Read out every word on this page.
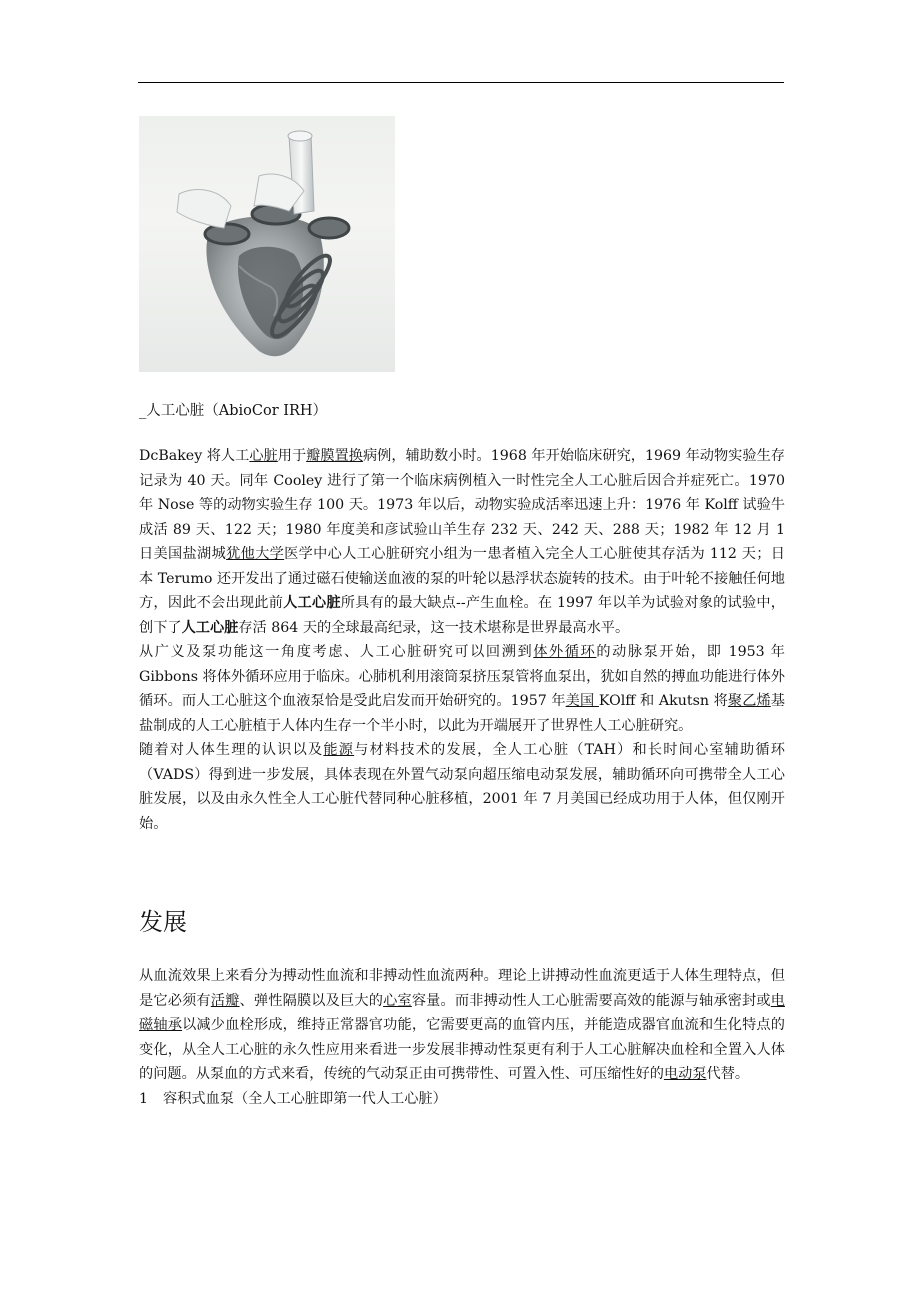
_人工心脏（AbioCor IRH）

DcBakey 将人工心脏用于瓣膜置换病例，辅助数小时。1968 年开始临床研究，1969 年动物实验生存记录为 40 天。同年 Cooley 进行了第一个临床病例植入一时性完全人工心脏后因合并症死亡。1970 年 Nose 等的动物实验生存 100 天。1973 年以后，动物实验成活率迅速上升：1976 年 Kolff 试验牛成活 89 天、122 天；1980 年度美和彦试验山羊生存 232 天、242 天、288 天；1982 年 12 月 1 日美国盐湖城犹他大学医学中心人工心脏研究小组为一患者植入完全人工心脏使其存活为 112 天；日本 Terumo 还开发出了通过磁石使输送血液的泵的叶轮以悬浮状态旋转的技术。由于叶轮不接触任何地方，因此不会出现此前人工心脏所具有的最大缺点--产生血栓。在 1997 年以羊为试验对象的试验中，创下了人工心脏存活 864 天的全球最高纪录，这一技术堪称是世界最高水平。

从广义及泵功能这一角度考虑、人工心脏研究可以回溯到体外循环的动脉泵开始，即 1953 年 Gibbons 将体外循环应用于临床。心肺机利用滚筒泵挤压泵管将血泵出，犹如自然的搏血功能进行体外循环。而人工心脏这个血液泵恰是受此启发而开始研究的。1957 年美国 KOlff 和 Akutsn 将聚乙烯基盐制成的人工心脏植于人体内生存一个半小时，以此为开端展开了世界性人工心脏研究。

随着对人体生理的认识以及能源与材料技术的发展，全人工心脏（TAH）和长时间心室辅助循环（VADS）得到进一步发展，具体表现在外置气动泵向超压缩电动泵发展，辅助循环向可携带全人工心脏发展，以及由永久性全人工心脏代替同种心脏移植，2001 年 7 月美国已经成功用于人体，但仅刚开始。

发展

从血流效果上来看分为搏动性血流和非搏动性血流两种。理论上讲搏动性血流更适于人体生理特点，但是它必须有活瓣、弹性隔膜以及巨大的心室容量。而非搏动性人工心脏需要高效的能源与轴承密封或电磁轴承以减少血栓形成，维持正常器官功能，它需要更高的血管内压，并能造成器官血流和生化特点的变化，从全人工心脏的永久性应用来看进一步发展非搏动性泵更有利于人工心脏解决血栓和全置入人体的问题。从泵血的方式来看，传统的气动泵正由可携带性、可置入性、可压缩性好的电动泵代替。

1 容积式血泵（全人工心脏即第一代人工心脏）
